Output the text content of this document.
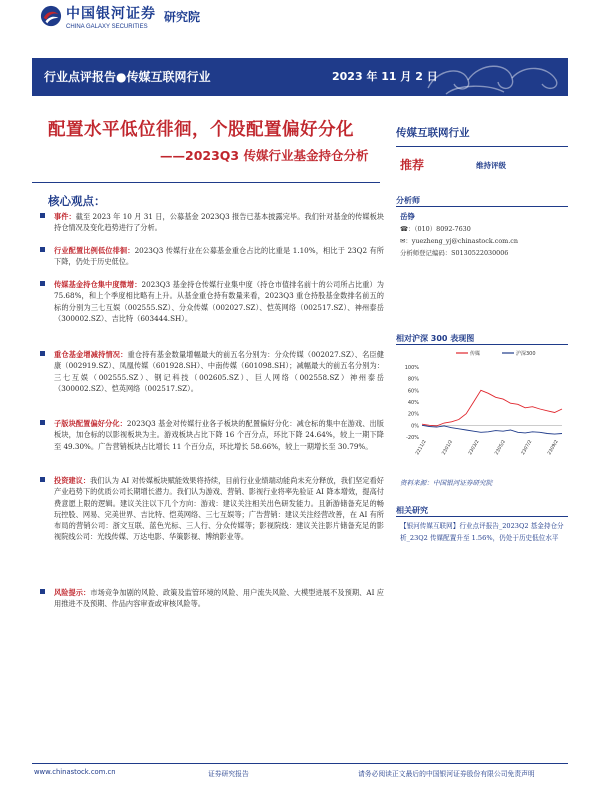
中国银河证券
CHINA GALAXY SECURITIES
研究院
行业点评报告●传媒互联网行业	2023 年 11 月 2 日
配置水平低位徘徊，个股配置偏好分化
——2023Q3 传媒行业基金持仓分析
核心观点：
事件：截至 2023 年 10 月 31 日，公募基金 2023Q3 报告已基本披露完毕。我们针对基金的传媒板块持仓情况及变化趋势进行了分析。
行业配置比例低位徘徊：2023Q3 传媒行业在公募基金重仓占比的比重是 1.10%，相比于 23Q2 有所下降，仍处于历史低位。
传媒基金持仓集中度微增：2023Q3 基金持仓传媒行业集中度（持仓市值排名前十的公司所占比重）为 75.68%，和上个季度相比略有上升。从基金重仓持有数量来看，2023Q3 重仓持股基金数排名前五的标的分别为三七互娱（002555.SZ）、分众传媒（002027.SZ）、恺英网络（002517.SZ）、神州泰岳（300002.SZ）、吉比特（603444.SH）。
重仓基金增减持情况：重仓持有基金数量增幅最大的前五名分别为：分众传媒（002027.SZ）、名臣健康（002919.SZ）、凤凰传媒（601928.SH）、中南传媒（601098.SH）；减幅最大的前五名分别为：三七互娱（002555.SZ）、钢记科技（002605.SZ）、巨人网络（002558.SZ）神州泰岳（300002.SZ）、恺英网络（002517.SZ）。
子版块配置偏好分化：2023Q3 基金对传媒行业各子板块的配置偏好分化：减仓标的集中在游戏、出版板块，加仓标的以影视板块为主。游戏板块占比下降 16 个百分点，环比下降 24.64%，较上一期下降至 49.30%。广告营销板块占比增长 11 个百分点，环比增长 58.66%，较上一期增长至 30.79%。
投资建议：我们认为 AI 对传媒板块赋能效果将持续，目前行业业绩端动能尚未充分释放，我们坚定看好产业趋势下的优质公司长期增长潜力。我们认为游戏、营销、影视行业将率先验证 AI 降本增效，提高付费意愿上限的逻辑。建议关注以下几个方向：游戏：建议关注相关出色研发能力。且新游储备充足的畅玩控股、网易、完美世界、吉比特、恺英网络、三七互娱等；广告营销：建议关注经营改善，在 AI 有所布局的营销公司：浙文互联、蓝色光标、三人行、分众传媒等；影视院线：建议关注影片储备充足的影视院线公司：光线传媒、万达电影、华策影视、博纳影业等。
风险提示：市场竞争加剧的风险、政策及监管环境的风险、用户流失风险、大模型进展不及预期、AI 应用推进不及预期、作品内容审查或审核风险等。
传媒互联网行业
推荐	维持评级
分析师
岳铮
☎：（010）8092-7630
✉：yuezheng_yj@chinastock.com.cn
分析师登记编码：S0130522030006
相对沪深 300 表现图
100%
80%
60%
40%
20%
0%
-20%
2211/2	2301/2	2303/2	2305/2	2307/2	2309/2
传媒	沪深300
资料来源：中国银河证券研究院
相关研究
【银河传媒互联网】行业点评报告_2023Q2 基金持仓分析_23Q2 传媒配置升至 1.56%，仍处于历史低位水平
www.chinastock.com.cn	证券研究报告	请务必阅读正文最后的中国银河证券股份有限公司免责声明
